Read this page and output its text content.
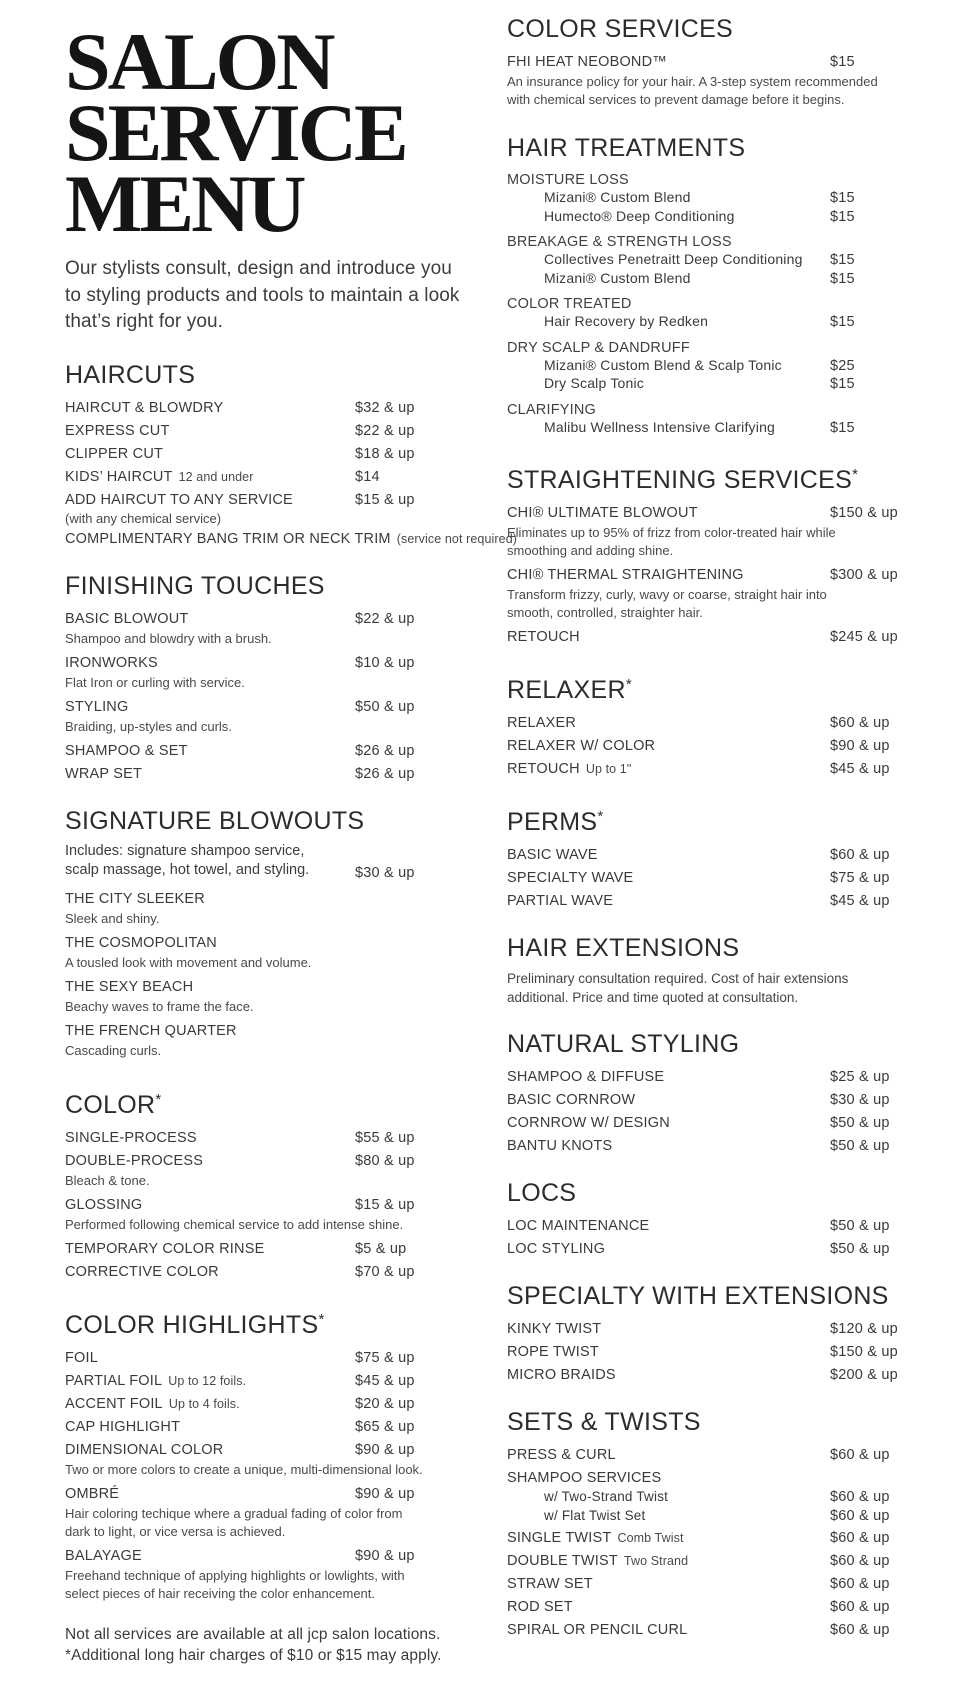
SALON
SERVICE
MENU

Our stylists consult, design and introduce you
to styling products and tools to maintain a look
that’s right for you.

HAIRCUTS
HAIRCUT & BLOWDRY	$32 & up
EXPRESS CUT	$22 & up
CLIPPER CUT	$18 & up
KIDS’ HAIRCUT 12 and under	$14
ADD HAIRCUT TO ANY SERVICE	$15 & up
(with any chemical service)
COMPLIMENTARY BANG TRIM OR NECK TRIM (service not required)
FINISHING TOUCHES
BASIC BLOWOUT	$22 & up
Shampoo and blowdry with a brush.
IRONWORKS	$10 & up
Flat Iron or curling with service.
STYLING	$50 & up
Braiding, up-styles and curls.
SHAMPOO & SET	$26 & up
WRAP SET	$26 & up
SIGNATURE BLOWOUTS
Includes: signature shampoo service,
scalp massage, hot towel, and styling.	$30 & up
THE CITY SLEEKER
Sleek and shiny.
THE COSMOPOLITAN
A tousled look with movement and volume.
THE SEXY BEACH
Beachy waves to frame the face.
THE FRENCH QUARTER
Cascading curls.
COLOR*
SINGLE-PROCESS	$55 & up
DOUBLE-PROCESS	$80 & up
Bleach & tone.
GLOSSING	$15 & up
Performed following chemical service to add intense shine.
TEMPORARY COLOR RINSE	$5 & up
CORRECTIVE COLOR	$70 & up
COLOR HIGHLIGHTS*
FOIL	$75 & up
PARTIAL FOIL Up to 12 foils.	$45 & up
ACCENT FOIL Up to 4 foils.	$20 & up
CAP HIGHLIGHT	$65 & up
DIMENSIONAL COLOR	$90 & up
Two or more colors to create a unique, multi-dimensional look.
OMBRÉ	$90 & up
Hair coloring techique where a gradual fading of color from
dark to light, or vice versa is achieved.
BALAYAGE	$90 & up
Freehand technique of applying highlights or lowlights, with
select pieces of hair receiving the color enhancement.

Not all services are available at all jcp salon locations.
*Additional long hair charges of $10 or $15 may apply.

COLOR SERVICES
FHI HEAT NEOBOND™	$15
An insurance policy for your hair. A 3-step system recommended
with chemical services to prevent damage before it begins.
HAIR TREATMENTS
MOISTURE LOSS
Mizani® Custom Blend	$15
Humecto® Deep Conditioning	$15
BREAKAGE & STRENGTH LOSS
Collectives Penetraitt Deep Conditioning	$15
Mizani® Custom Blend	$15
COLOR TREATED
Hair Recovery by Redken	$15
DRY SCALP & DANDRUFF
Mizani® Custom Blend & Scalp Tonic	$25
Dry Scalp Tonic	$15
CLARIFYING
Malibu Wellness Intensive Clarifying	$15
STRAIGHTENING SERVICES*
CHI® ULTIMATE BLOWOUT	$150 & up
Eliminates up to 95% of frizz from color-treated hair while
smoothing and adding shine.
CHI® THERMAL STRAIGHTENING	$300 & up
Transform frizzy, curly, wavy or coarse, straight hair into
smooth, controlled, straighter hair.
RETOUCH	$245 & up
RELAXER*
RELAXER	$60 & up
RELAXER W/ COLOR	$90 & up
RETOUCH Up to 1"	$45 & up
PERMS*
BASIC WAVE	$60 & up
SPECIALTY WAVE	$75 & up
PARTIAL WAVE	$45 & up
HAIR EXTENSIONS
Preliminary consultation required. Cost of hair extensions
additional. Price and time quoted at consultation.
NATURAL STYLING
SHAMPOO & DIFFUSE	$25 & up
BASIC CORNROW	$30 & up
CORNROW W/ DESIGN	$50 & up
BANTU KNOTS	$50 & up
LOCS
LOC MAINTENANCE	$50 & up
LOC STYLING	$50 & up
SPECIALTY WITH EXTENSIONS
KINKY TWIST	$120 & up
ROPE TWIST	$150 & up
MICRO BRAIDS	$200 & up
SETS & TWISTS
PRESS & CURL	$60 & up
SHAMPOO SERVICES
w/ Two-Strand Twist	$60 & up
w/ Flat Twist Set	$60 & up
SINGLE TWIST Comb Twist	$60 & up
DOUBLE TWIST Two Strand	$60 & up
STRAW SET	$60 & up
ROD SET	$60 & up
SPIRAL OR PENCIL CURL	$60 & up
